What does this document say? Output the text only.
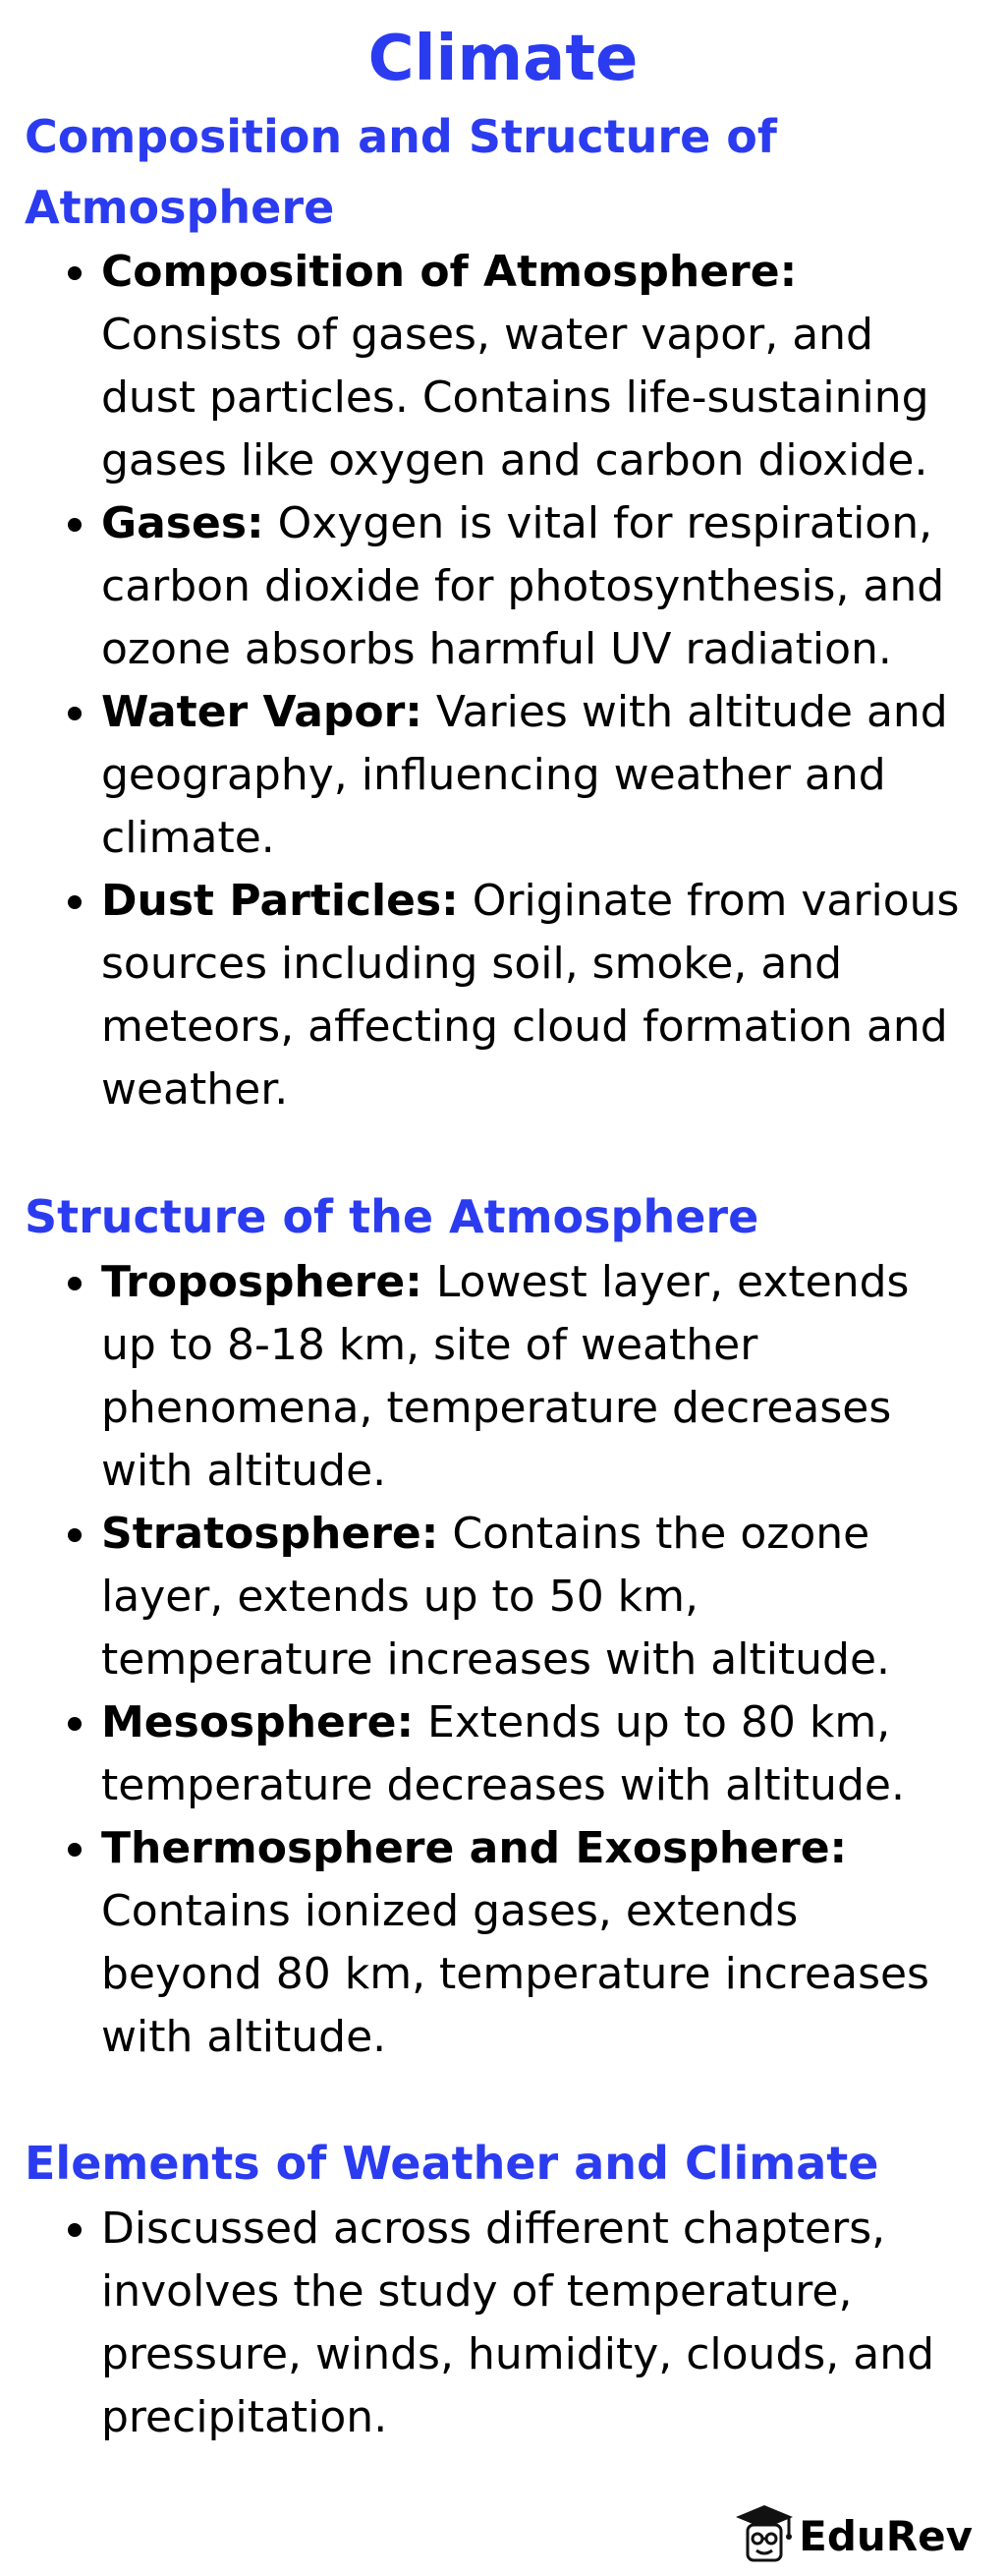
Climate
Composition and Structure of Atmosphere
Composition of Atmosphere: Consists of gases, water vapor, and dust particles. Contains life-sustaining gases like oxygen and carbon dioxide.
Gases: Oxygen is vital for respiration, carbon dioxide for photosynthesis, and ozone absorbs harmful UV radiation.
Water Vapor: Varies with altitude and geography, influencing weather and climate.
Dust Particles: Originate from various sources including soil, smoke, and meteors, affecting cloud formation and weather.
Structure of the Atmosphere
Troposphere: Lowest layer, extends up to 8-18 km, site of weather phenomena, temperature decreases with altitude.
Stratosphere: Contains the ozone layer, extends up to 50 km, temperature increases with altitude.
Mesosphere: Extends up to 80 km, temperature decreases with altitude.
Thermosphere and Exosphere: Contains ionized gases, extends beyond 80 km, temperature increases with altitude.
Elements of Weather and Climate
Discussed across different chapters, involves the study of temperature, pressure, winds, humidity, clouds, and precipitation.
EduRev
